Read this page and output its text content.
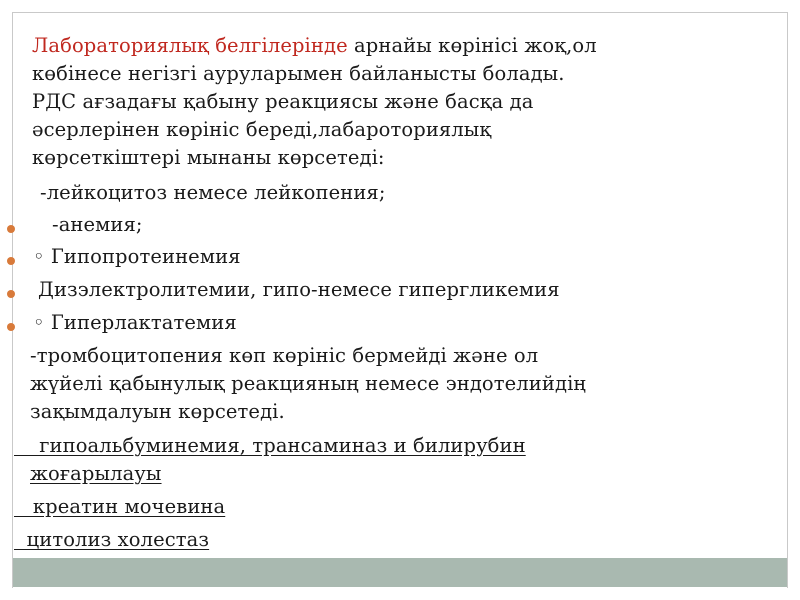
Лабораториялық белгілерінде арнайы көрінісі жоқ,ол
көбінесе негізгі ауруларымен байланысты болады.
РДС ағзадағы қабыну реакциясы және басқа да
әсерлерінен көрініс береді,лабароториялық
көрсеткіштері мынаны көрсетеді:
-лейкоцитоз немесе лейкопения;
-анемия;
◦ Гипопротеинемия
Дизэлектролитемии, гипо-немесе гипергликемия
◦ Гиперлактатемия
-тромбоцитопения көп көрініс бермейді және ол
жүйелі қабынулық реакцияның немесе эндотелийдің
зақымдалуын көрсетеді.
гипоальбуминемия, трансаминаз и билирубин
жоғарылауы
креатин мочевина
цитолиз холестаз
